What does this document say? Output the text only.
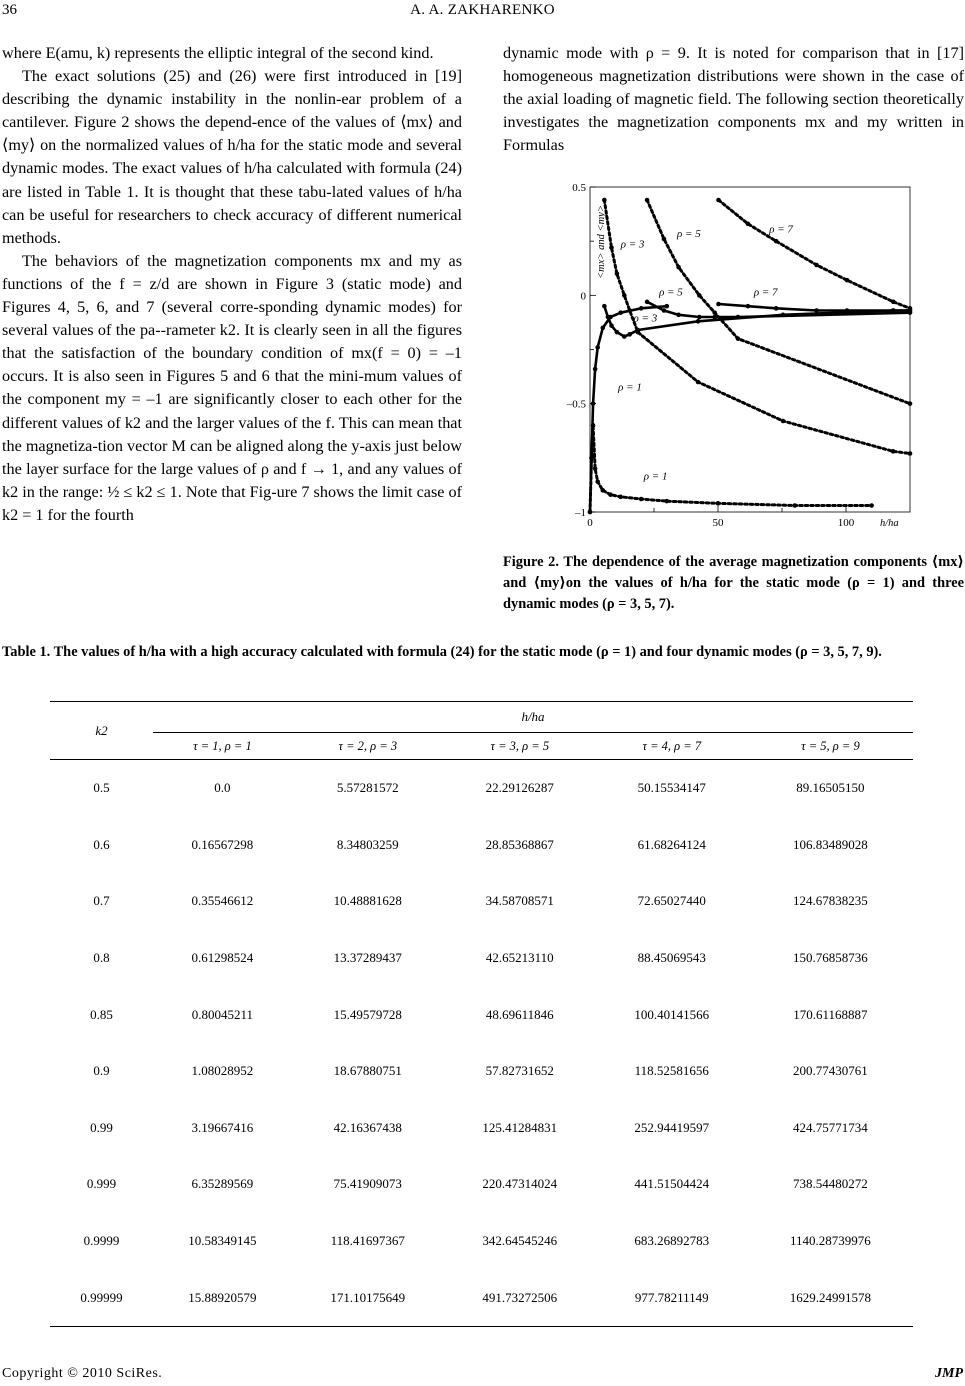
36	A. A. ZAKHARENKO

where E(amu, k) represents the elliptic integral of the second kind.

The exact solutions (25) and (26) were first introduced in [19] describing the dynamic instability in the nonlin-ear problem of a cantilever. Figure 2 shows the depend-ence of the values of ⟨mx⟩ and ⟨my⟩ on the normalized values of h/ha for the static mode and several dynamic modes. The exact values of h/ha calculated with formula (24) are listed in Table 1. It is thought that these tabu-lated values of h/ha can be useful for researchers to check accuracy of different numerical methods.

The behaviors of the magnetization components mx and my as functions of the f = z/d are shown in Figure 3 (static mode) and Figures 4, 5, 6, and 7 (several corre-sponding dynamic modes) for several values of the pa--rameter k2. It is clearly seen in all the figures that the satisfaction of the boundary condition of mx(f = 0) = –1 occurs. It is also seen in Figures 5 and 6 that the mini-mum values of the component my = –1 are significantly closer to each other for the different values of k2 and the larger values of the f. This can mean that the magnetiza-tion vector M can be aligned along the y-axis just below the layer surface for the large values of ρ and f → 1, and any values of k2 in the range: ½ ≤ k2 ≤ 1. Note that Fig-ure 7 shows the limit case of k2 = 1 for the fourth

dynamic mode with ρ = 9. It is noted for comparison that in [17] homogeneous magnetization distributions were shown in the case of the axial loading of magnetic field. The following section theoretically investigates the magnetization components mx and my written in Formulas

0.5
0
–0.5
–1
0	50	100 h/ha
<mx> and <my> ρ = 3
ρ = 5	ρ = 7
ρ = 5	ρ = 7
ρ = 3
ρ = 1
ρ = 1
Figure 2. The dependence of the average magnetization components ⟨mx⟩ and ⟨my⟩on the values of h/ha for the static mode (ρ = 1) and three dynamic modes (ρ = 3, 5, 7).
Table 1. The values of h/ha with a high accuracy calculated with formula (24) for the static mode (ρ = 1) and four dynamic modes (ρ = 3, 5, 7, 9).
k2	h/ha				
	τ = 1, ρ = 1	τ = 2, ρ = 3	τ = 3, ρ = 5	τ = 4, ρ = 7	τ = 5, ρ = 9
0.5	0.0	5.57281572	22.29126287	50.15534147	89.16505150
0.6	0.16567298	8.34803259	28.85368867	61.68264124	106.83489028
0.7	0.35546612	10.48881628	34.58708571	72.65027440	124.67838235
0.8	0.61298524	13.37289437	42.65213110	88.45069543	150.76858736
0.85	0.80045211	15.49579728	48.69611846	100.40141566	170.61168887
0.9	1.08028952	18.67880751	57.82731652	118.52581656	200.77430761
0.99	3.19667416	42.16367438	125.41284831	252.94419597	424.75771734
0.999	6.35289569	75.41909073	220.47314024	441.51504424	738.54480272
0.9999	10.58349145	118.41697367	342.64545246	683.26892783	1140.28739976
0.99999	15.88920579	171.10175649	491.73272506	977.78211149	1629.24991578
Copyright © 2010 SciRes.	JMP
